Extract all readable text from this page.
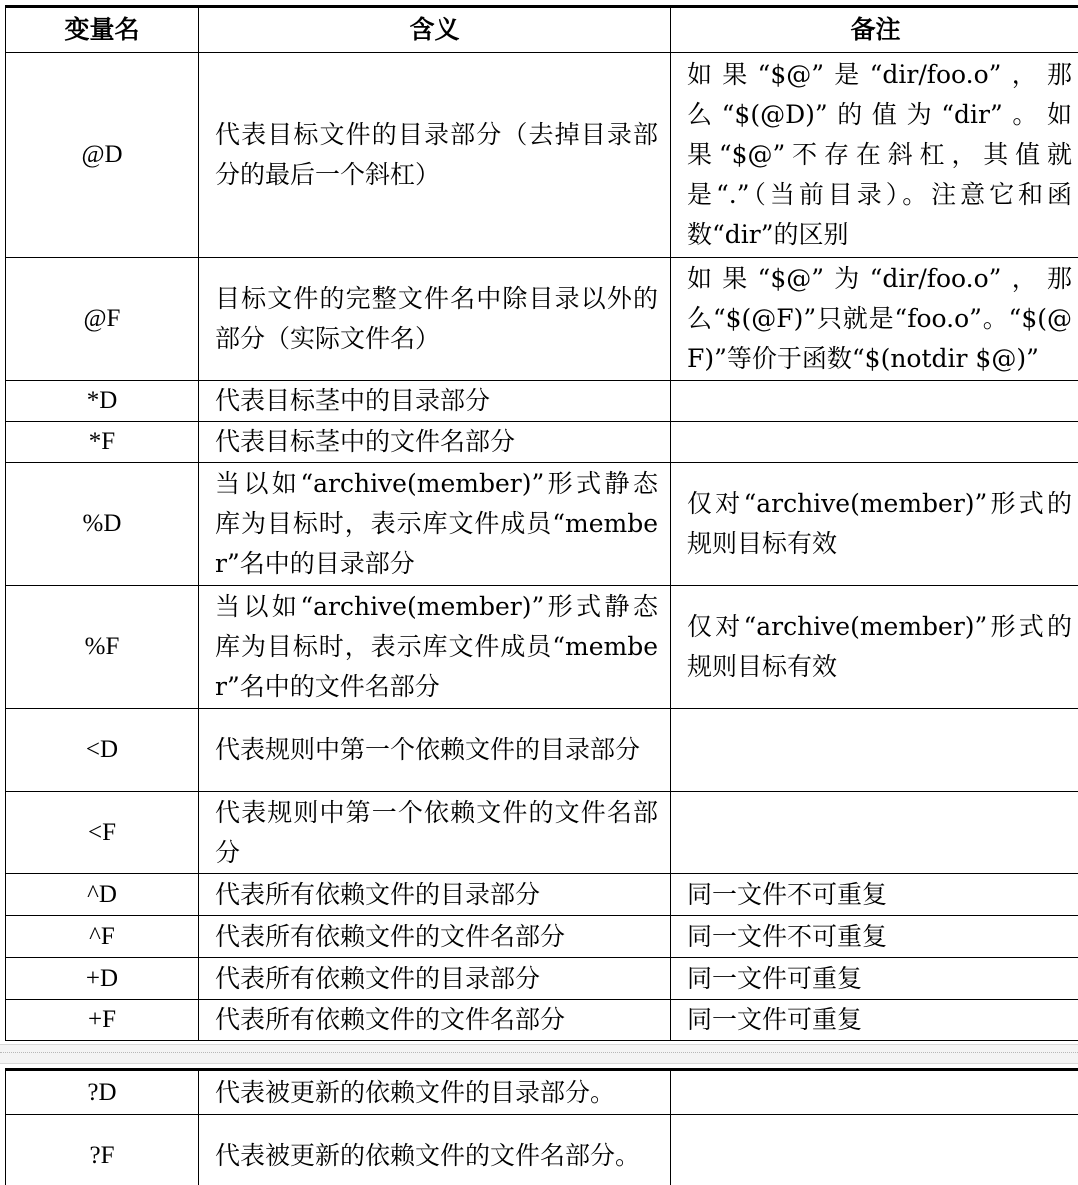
变量名	含义	备注
@D	代表目标文件的目录部分（去掉目录部分的最后一个斜杠）	如果“$@”是“dir/foo.o”，那么“$(@D)”的值为“dir”。如果“$@”不存在斜杠，其值就是“.”（当前目录）。注意它和函数“dir”的区别
@F	目标文件的完整文件名中除目录以外的部分（实际文件名）	如果“$@”为“dir/foo.o”，那么“$(@F)”只就是“foo.o”。“$(@F)”等价于函数“$(notdir $@)”
*D	代表目标茎中的目录部分	
*F	代表目标茎中的文件名部分	
%D	当以如“archive(member)”形式静态库为目标时，表示库文件成员“member”名中的目录部分	仅对“archive(member)”形式的规则目标有效
%F	当以如“archive(member)”形式静态库为目标时，表示库文件成员“member”名中的文件名部分	仅对“archive(member)”形式的规则目标有效
<D	代表规则中第一个依赖文件的目录部分	
<F	代表规则中第一个依赖文件的文件名部分	
^D	代表所有依赖文件的目录部分	同一文件不可重复
^F	代表所有依赖文件的文件名部分	同一文件不可重复
+D	代表所有依赖文件的目录部分	同一文件可重复
+F	代表所有依赖文件的文件名部分	同一文件可重复
?D	代表被更新的依赖文件的目录部分。	
?F	代表被更新的依赖文件的文件名部分。	
